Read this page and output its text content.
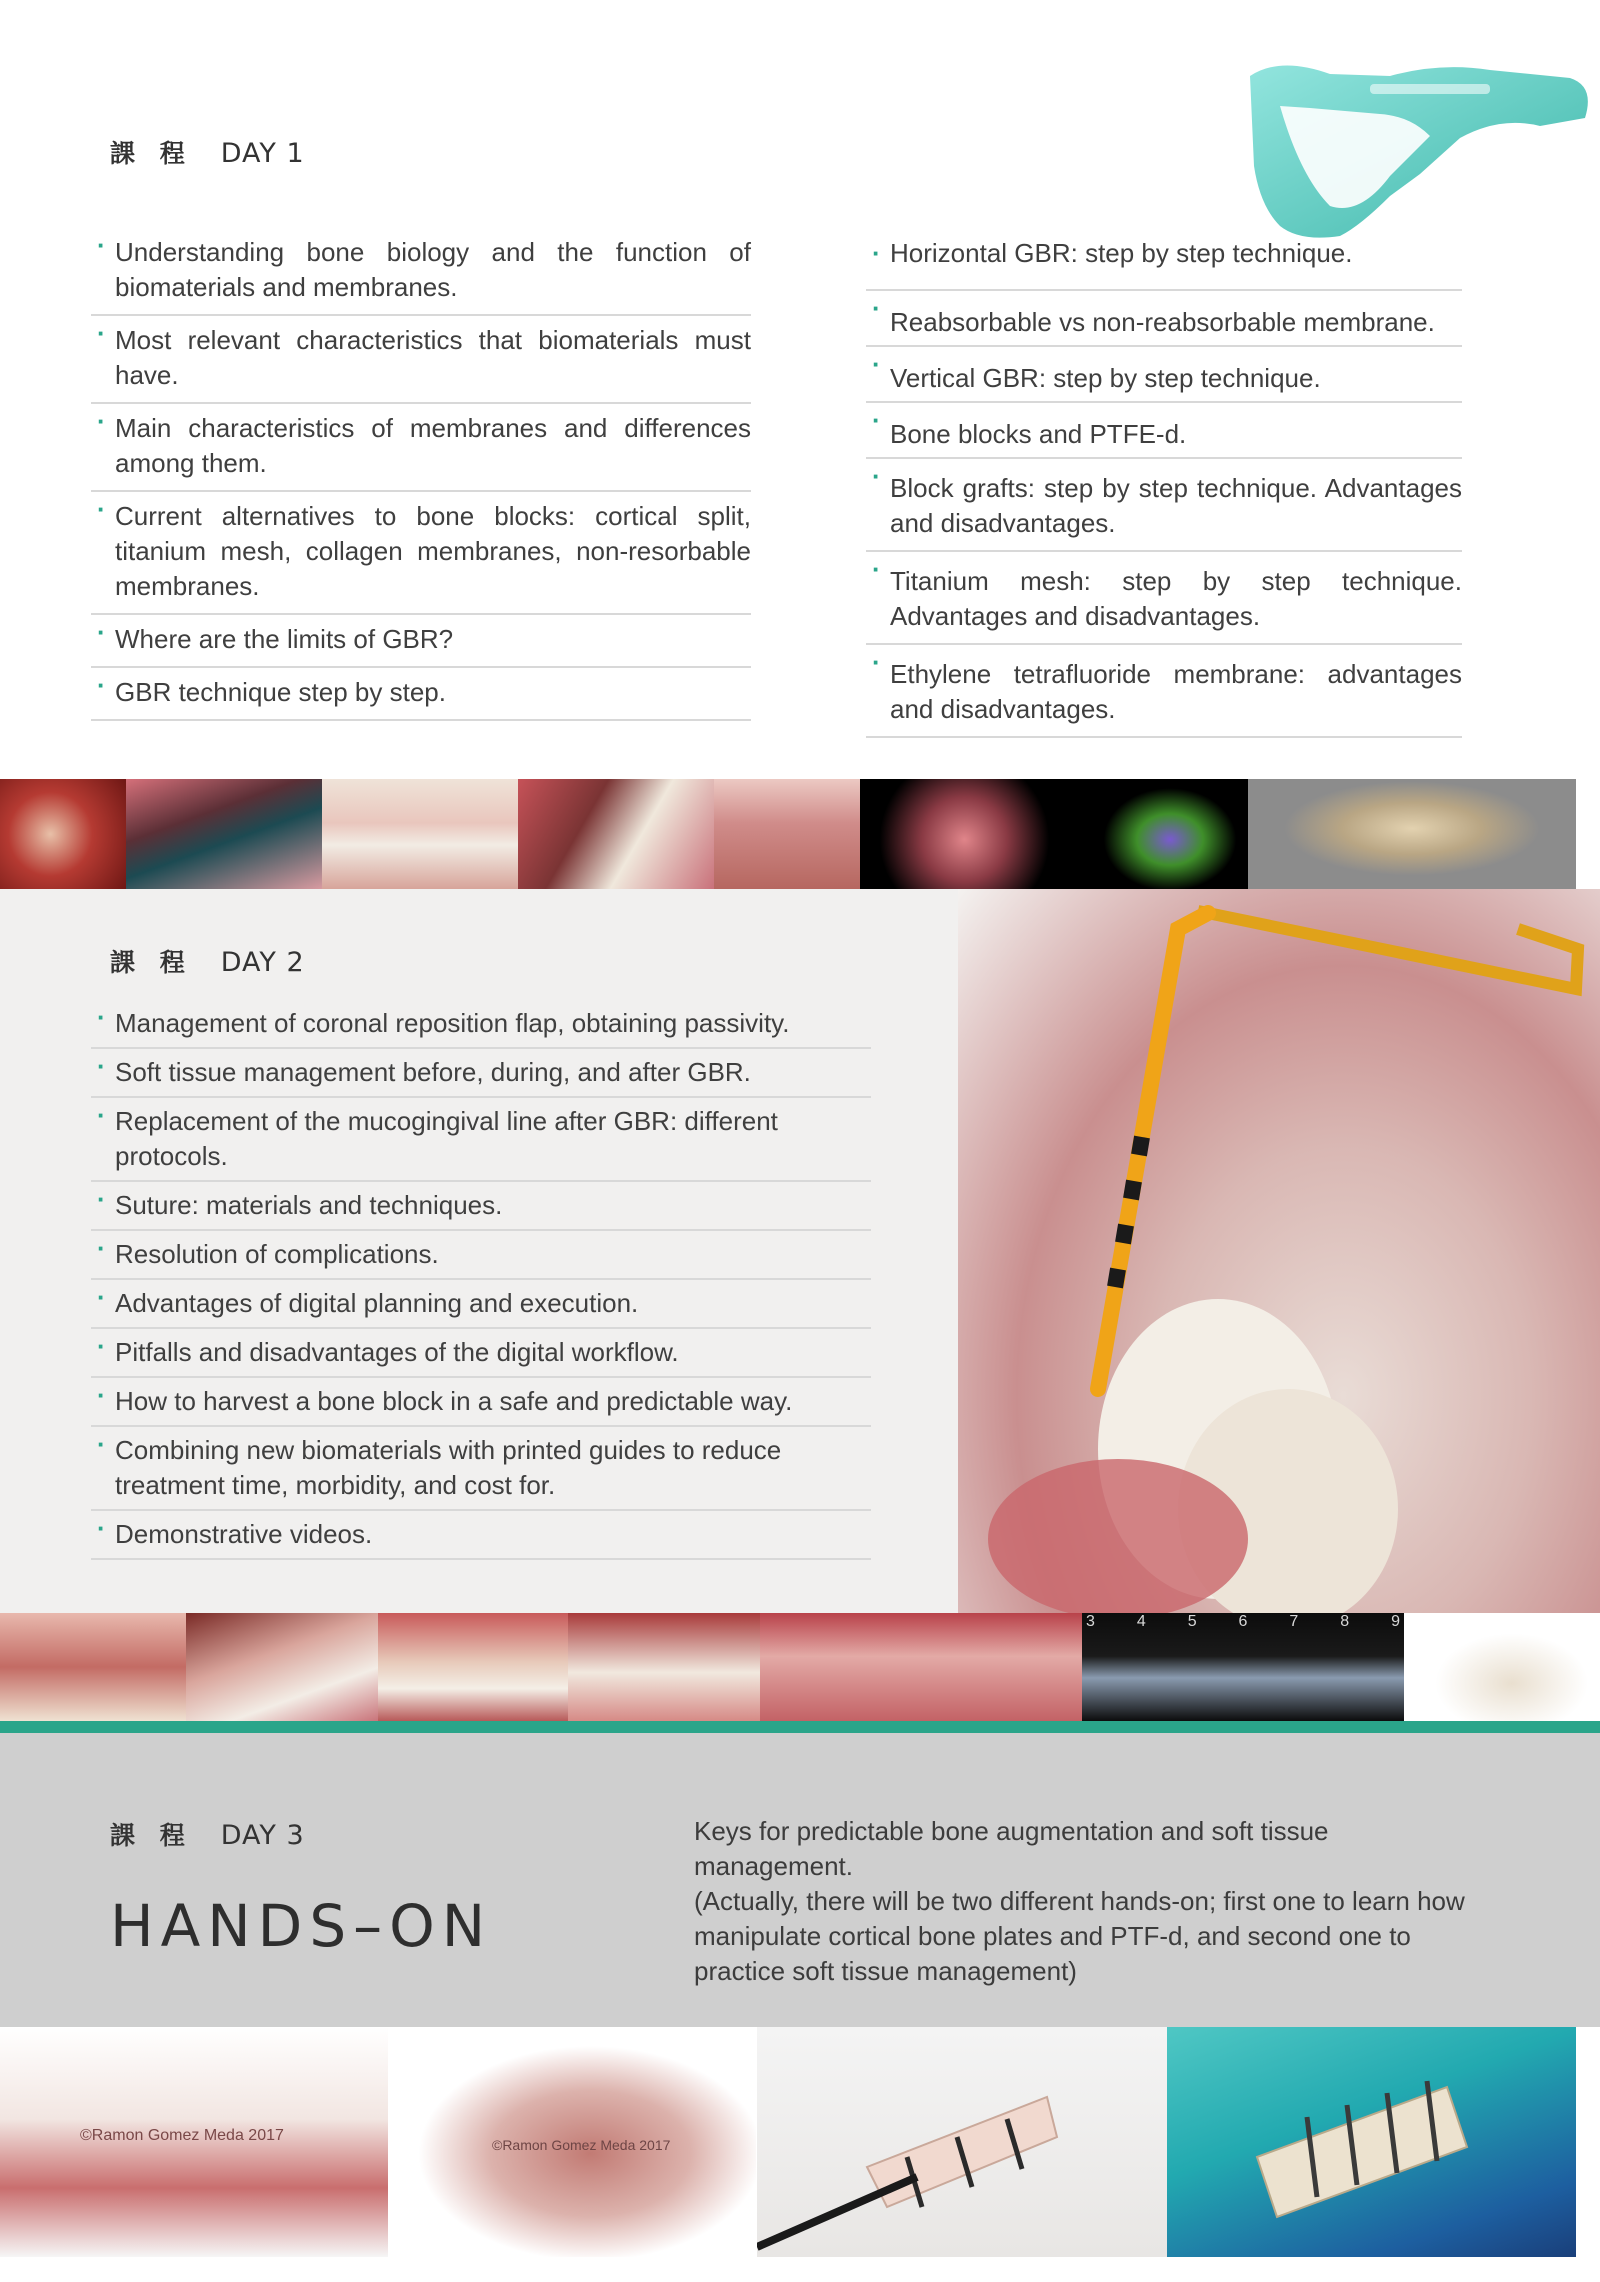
課 程 DAY 1
· Understanding bone biology and the function of biomaterials and membranes.
· Most relevant characteristics that biomaterials must have.
· Main characteristics of membranes and differences among them.
· Current alternatives to bone blocks: cortical split, titanium mesh, collagen membranes, non-resorbable membranes.
· Where are the limits of GBR?
· GBR technique step by step.
· Horizontal GBR: step by step technique.
· Reabsorbable vs non-reabsorbable membrane.
· Vertical GBR: step by step technique.
· Bone blocks and PTFE-d.
· Block grafts: step by step technique. Advantages and disadvantages.
· Titanium mesh: step by step technique. Advantages and disadvantages.
· Ethylene tetrafluoride membrane: advantages and disadvantages.
課 程 DAY 2
· Management of coronal reposition flap, obtaining passivity.
· Soft tissue management before, during, and after GBR.
· Replacement of the mucogingival line after GBR: different protocols.
· Suture: materials and techniques.
· Resolution of complications.
· Advantages of digital planning and execution.
· Pitfalls and disadvantages of the digital workflow.
· How to harvest a bone block in a safe and predictable way.
· Combining new biomaterials with printed guides to reduce treatment time, morbidity, and cost for.
· Demonstrative videos.
3	4	5	6	7	8	9
課 程 DAY 3
HANDS–ON

Keys for predictable bone augmentation and soft tissue management.

(Actually, there will be two different hands-on; first one to learn how manipulate cortical bone plates and PTF-d, and second one to practice soft tissue management)

©Ramon Gomez Meda 2017
©Ramon Gomez Meda 2017
